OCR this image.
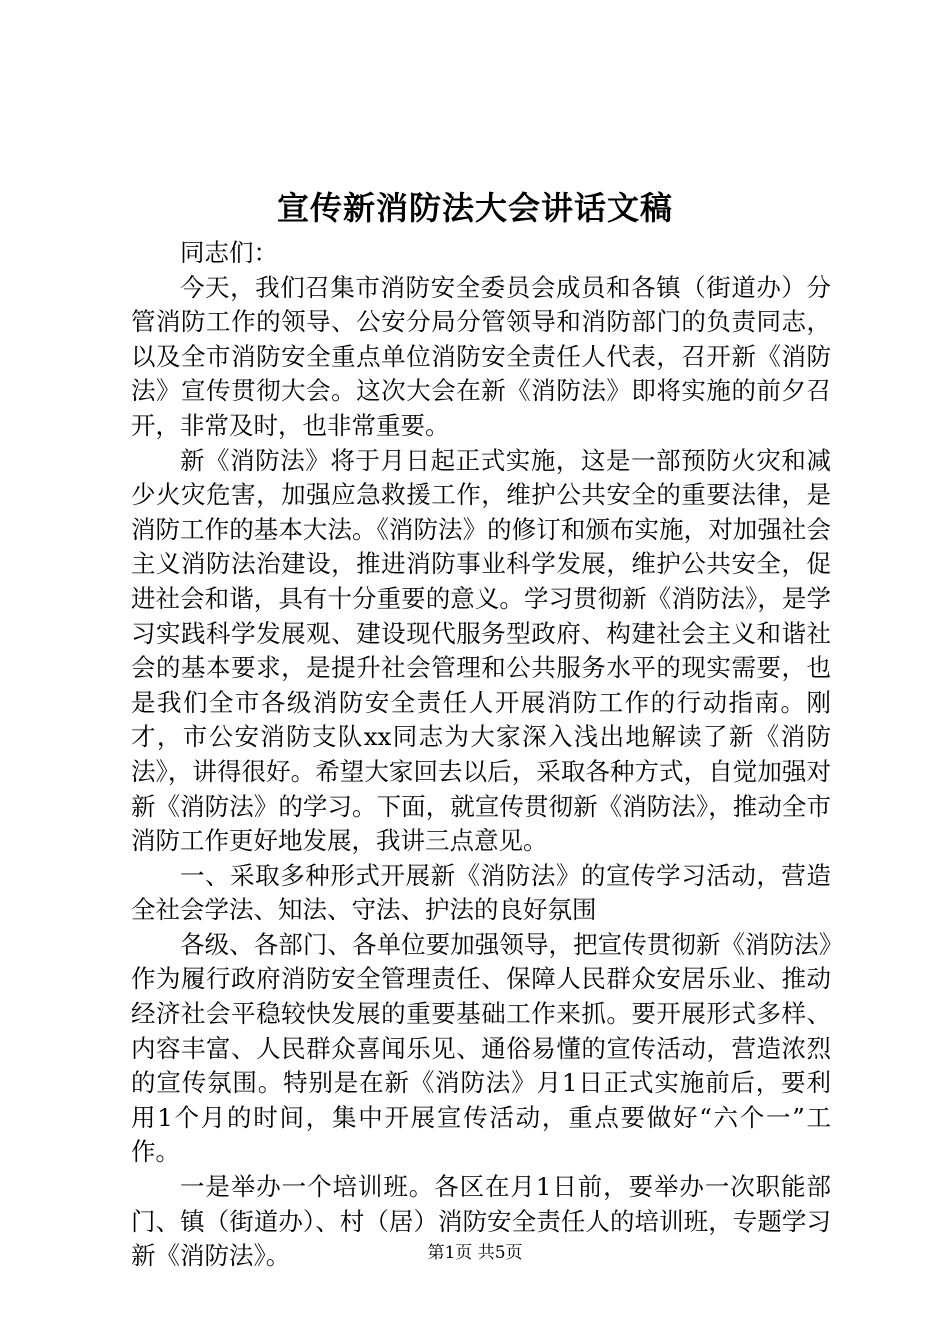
宣传新消防法大会讲话文稿

同志们：

今天，我们召集市消防安全委员会成员和各镇（街道办）分管消防工作的领导、公安分局分管领导和消防部门的负责同志，以及全市消防安全重点单位消防安全责任人代表，召开新《消防法》宣传贯彻大会。这次大会在新《消防法》即将实施的前夕召开，非常及时，也非常重要。

新《消防法》将于月日起正式实施，这是一部预防火灾和减少火灾危害，加强应急救援工作，维护公共安全的重要法律，是消防工作的基本大法。《消防法》的修订和颁布实施，对加强社会主义消防法治建设，推进消防事业科学发展，维护公共安全，促进社会和谐，具有十分重要的意义。学习贯彻新《消防法》，是学习实践科学发展观、建设现代服务型政府、构建社会主义和谐社会的基本要求，是提升社会管理和公共服务水平的现实需要，也是我们全市各级消防安全责任人开展消防工作的行动指南。刚才，市公安消防支队xx同志为大家深入浅出地解读了新《消防法》，讲得很好。希望大家回去以后，采取各种方式，自觉加强对新《消防法》的学习。下面，就宣传贯彻新《消防法》，推动全市消防工作更好地发展，我讲三点意见。

一、采取多种形式开展新《消防法》的宣传学习活动，营造全社会学法、知法、守法、护法的良好氛围

各级、各部门、各单位要加强领导，把宣传贯彻新《消防法》作为履行政府消防安全管理责任、保障人民群众安居乐业、推动经济社会平稳较快发展的重要基础工作来抓。要开展形式多样、内容丰富、人民群众喜闻乐见、通俗易懂的宣传活动，营造浓烈的宣传氛围。特别是在新《消防法》月1日正式实施前后，要利用1个月的时间，集中开展宣传活动，重点要做好“六个一”工作。

一是举办一个培训班。各区在月1日前，要举办一次职能部门、镇（街道办）、村（居）消防安全责任人的培训班，专题学习新《消防法》。	第1页 共5页
